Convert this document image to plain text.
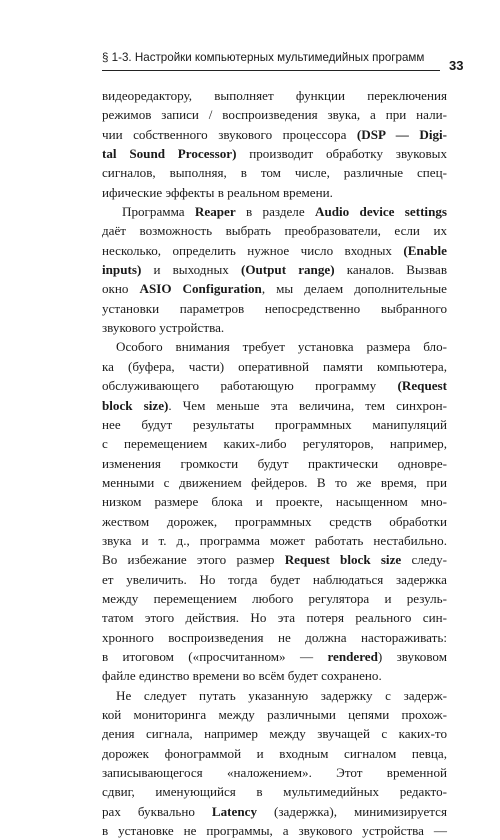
§ 1-3. Настройки компьютерных мультимедийных программ
33
видеоредактору, выполняет функции переключения
режимов записи / воспроизведения звука, а при нали-
чии собственного звукового процессора (DSP — Digi-
tal Sound Processor) производит обработку звуковых
сигналов, выполняя, в том числе, различные спец-
ифические эффекты в реальном времени.
Программа Reaper в разделе Audio device settings
даёт возможность выбрать преобразователи, если их
несколько, определить нужное число входных (Enable
inputs) и выходных (Output range) каналов. Вызвав
окно ASIO Configuration, мы делаем дополнительные
установки параметров непосредственно выбранного
звукового устройства.
Особого внимания требует установка размера бло-
ка (буфера, части) оперативной памяти компьютера,
обслуживающего работающую программу (Request
block size). Чем меньше эта величина, тем синхрон-
нее будут результаты программных манипуляций
с перемещением каких-либо регуляторов, например,
изменения громкости будут практически одновре-
менными с движением фейдеров. В то же время, при
низком размере блока и проекте, насыщенном мно-
жеством дорожек, программных средств обработки
звука и т. д., программа может работать нестабильно.
Во избежание этого размер Request block size следу-
ет увеличить. Но тогда будет наблюдаться задержка
между перемещением любого регулятора и резуль-
татом этого действия. Но эта потеря реального син-
хронного воспроизведения не должна настораживать:
в итоговом («просчитанном» — rendered) звуковом
файле единство времени во всём будет сохранено.
Не следует путать указанную задержку с задерж-
кой мониторинга между различными цепями прохож-
дения сигнала, например между звучащей с каких-то
дорожек фонограммой и входным сигналом певца,
записывающегося «наложением». Этот временной
сдвиг, именующийся в мультимедийных редакто-
рах буквально Latency (задержка), минимизируется
в установке не программы, а звукового устройства —
